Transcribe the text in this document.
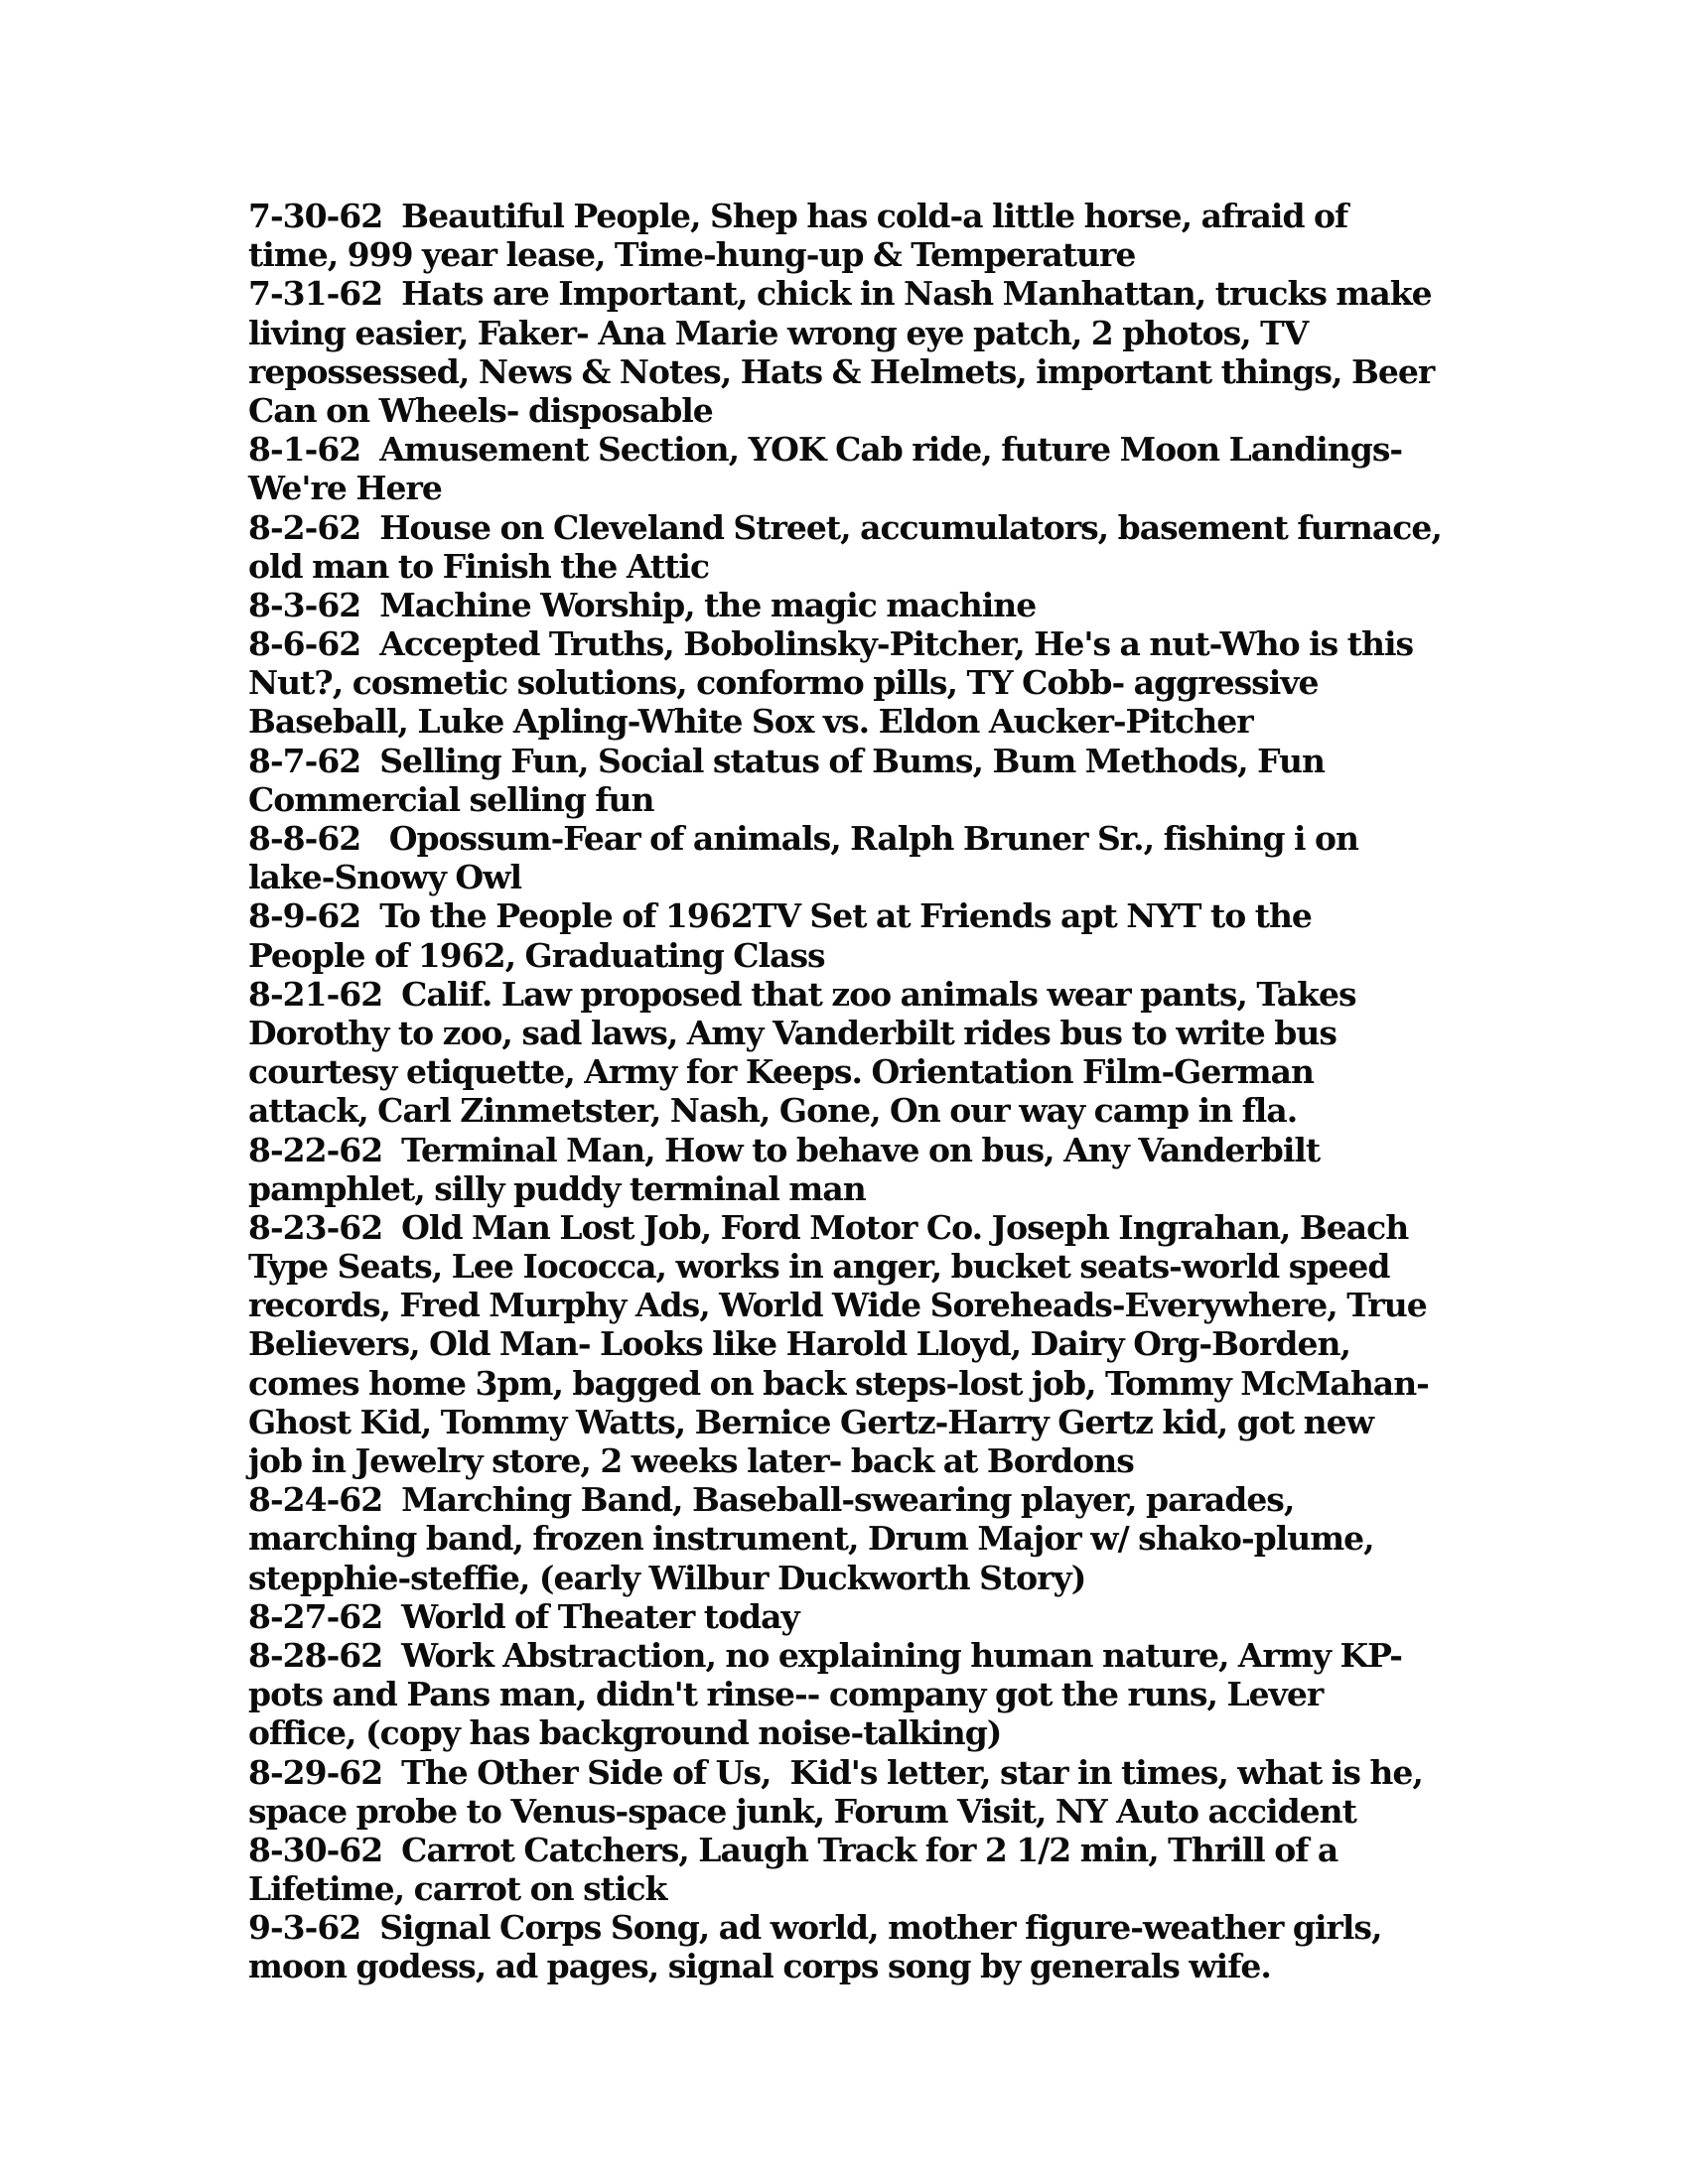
7-30-62  Beautiful People, Shep has cold-a little horse, afraid of
time, 999 year lease, Time-hung-up & Temperature
7-31-62  Hats are Important, chick in Nash Manhattan, trucks make
living easier, Faker- Ana Marie wrong eye patch, 2 photos, TV
repossessed, News & Notes, Hats & Helmets, important things, Beer
Can on Wheels- disposable
8-1-62  Amusement Section, YOK Cab ride, future Moon Landings-
We're Here
8-2-62  House on Cleveland Street, accumulators, basement furnace,
old man to Finish the Attic
8-3-62  Machine Worship, the magic machine
8-6-62  Accepted Truths, Bobolinsky-Pitcher, He's a nut-Who is this
Nut?, cosmetic solutions, conformo pills, TY Cobb- aggressive
Baseball, Luke Apling-White Sox vs. Eldon Aucker-Pitcher
8-7-62  Selling Fun, Social status of Bums, Bum Methods, Fun
Commercial selling fun
8-8-62   Opossum-Fear of animals, Ralph Bruner Sr., fishing i on
lake-Snowy Owl
8-9-62  To the People of 1962TV Set at Friends apt NYT to the
People of 1962, Graduating Class
8-21-62  Calif. Law proposed that zoo animals wear pants, Takes
Dorothy to zoo, sad laws, Amy Vanderbilt rides bus to write bus
courtesy etiquette, Army for Keeps. Orientation Film-German
attack, Carl Zinmetster, Nash, Gone, On our way camp in fla.
8-22-62  Terminal Man, How to behave on bus, Any Vanderbilt
pamphlet, silly puddy terminal man
8-23-62  Old Man Lost Job, Ford Motor Co. Joseph Ingrahan, Beach
Type Seats, Lee Iococca, works in anger, bucket seats-world speed
records, Fred Murphy Ads, World Wide Soreheads-Everywhere, True
Believers, Old Man- Looks like Harold Lloyd, Dairy Org-Borden,
comes home 3pm, bagged on back steps-lost job, Tommy McMahan-
Ghost Kid, Tommy Watts, Bernice Gertz-Harry Gertz kid, got new
job in Jewelry store, 2 weeks later- back at Bordons
8-24-62  Marching Band, Baseball-swearing player, parades,
marching band, frozen instrument, Drum Major w/ shako-plume,
stepphie-steffie, (early Wilbur Duckworth Story)
8-27-62  World of Theater today
8-28-62  Work Abstraction, no explaining human nature, Army KP-
pots and Pans man, didn't rinse-- company got the runs, Lever
office, (copy has background noise-talking)
8-29-62  The Other Side of Us,  Kid's letter, star in times, what is he,
space probe to Venus-space junk, Forum Visit, NY Auto accident
8-30-62  Carrot Catchers, Laugh Track for 2 1/2 min, Thrill of a
Lifetime, carrot on stick
9-3-62  Signal Corps Song, ad world, mother figure-weather girls,
moon godess, ad pages, signal corps song by generals wife.
